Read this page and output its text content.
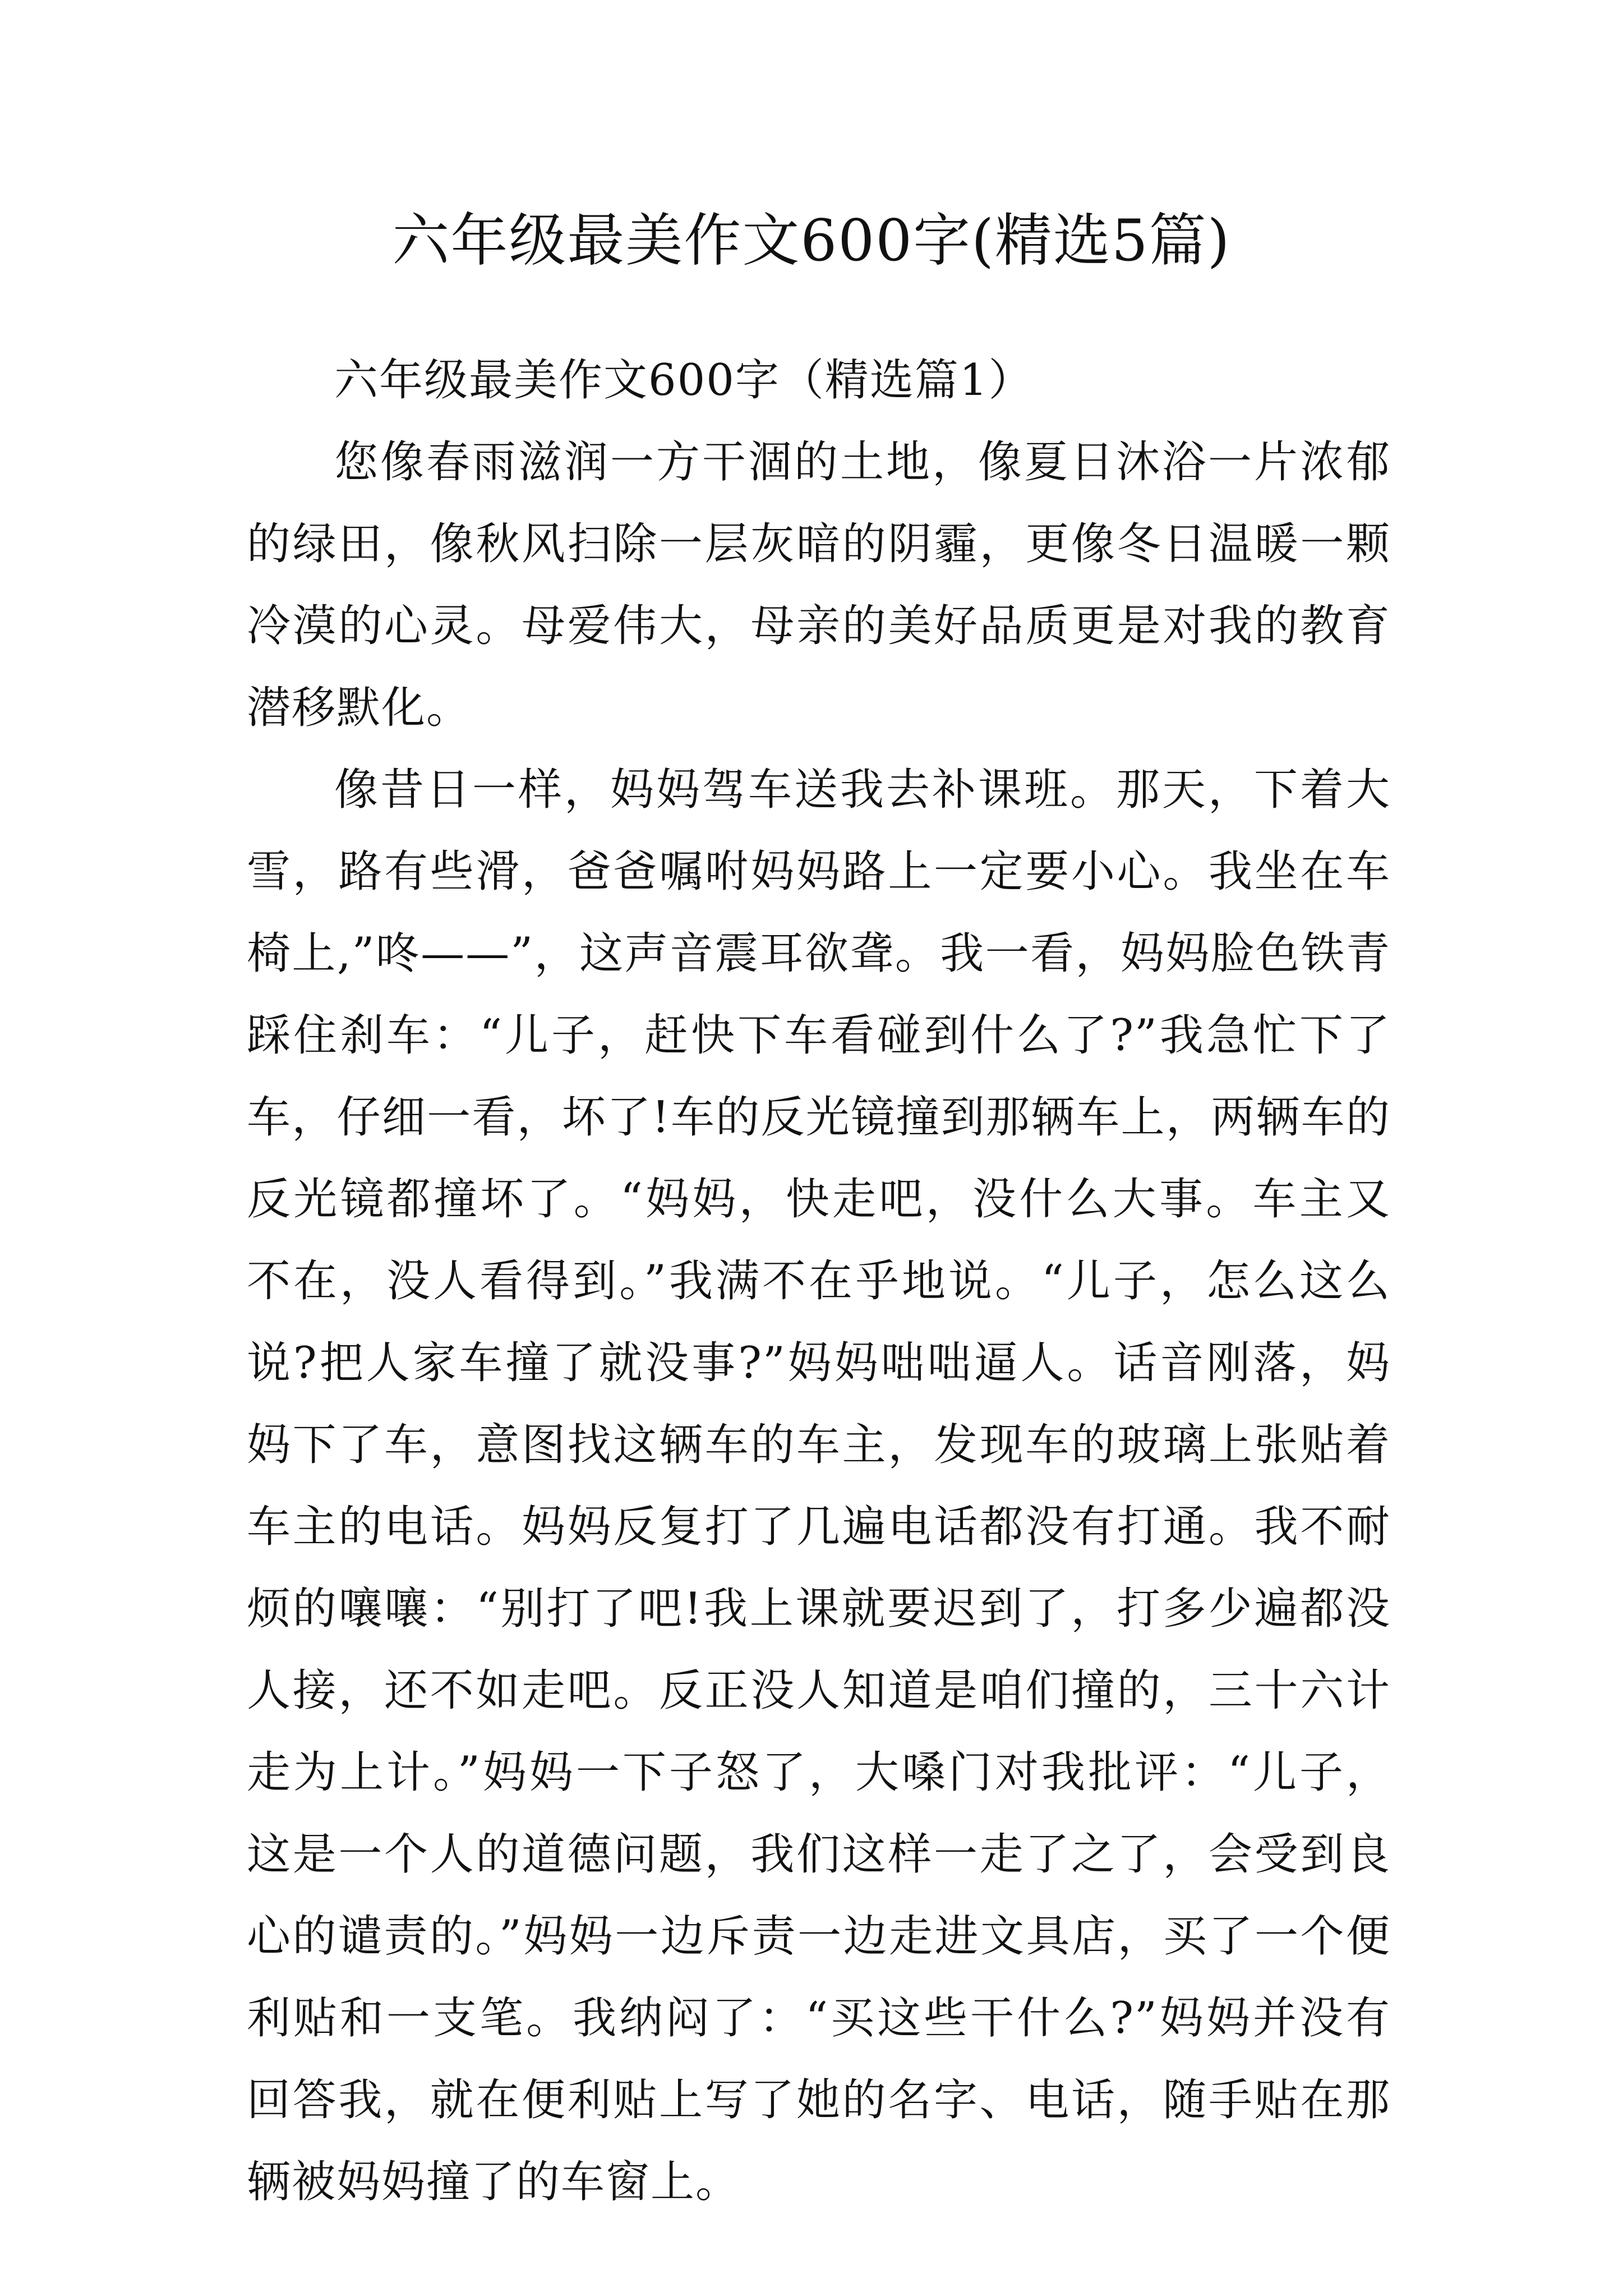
六年级最美作文600字(精选5篇)

六年级最美作文600字（精选篇1）

您像春雨滋润一方干涸的土地，像夏日沐浴一片浓郁的绿田，像秋风扫除一层灰暗的阴霾，更像冬日温暖一颗冷漠的心灵。母爱伟大，母亲的美好品质更是对我的教育潜移默化。

像昔日一样，妈妈驾车送我去补课班。那天，下着大雪，路有些滑，爸爸嘱咐妈妈路上一定要小心。我坐在车椅上,”咚——”，这声音震耳欲聋。我一看，妈妈脸色铁青踩住刹车：“儿子，赶快下车看碰到什么了?”我急忙下了车，仔细一看，坏了!车的反光镜撞到那辆车上，两辆车的反光镜都撞坏了。“妈妈，快走吧，没什么大事。车主又不在，没人看得到。”我满不在乎地说。“儿子，怎么这么说?把人家车撞了就没事?”妈妈咄咄逼人。话音刚落，妈妈下了车，意图找这辆车的车主，发现车的玻璃上张贴着车主的电话。妈妈反复打了几遍电话都没有打通。我不耐烦的嚷嚷：“别打了吧!我上课就要迟到了，打多少遍都没人接，还不如走吧。反正没人知道是咱们撞的，三十六计走为上计。”妈妈一下子怒了，大嗓门对我批评：“儿子，这是一个人的道德问题，我们这样一走了之了，会受到良心的谴责的。”妈妈一边斥责一边走进文具店，买了一个便利贴和一支笔。我纳闷了：“买这些干什么?”妈妈并没有回答我，就在便利贴上写了她的名字、电话，随手贴在那辆被妈妈撞了的车窗上。
